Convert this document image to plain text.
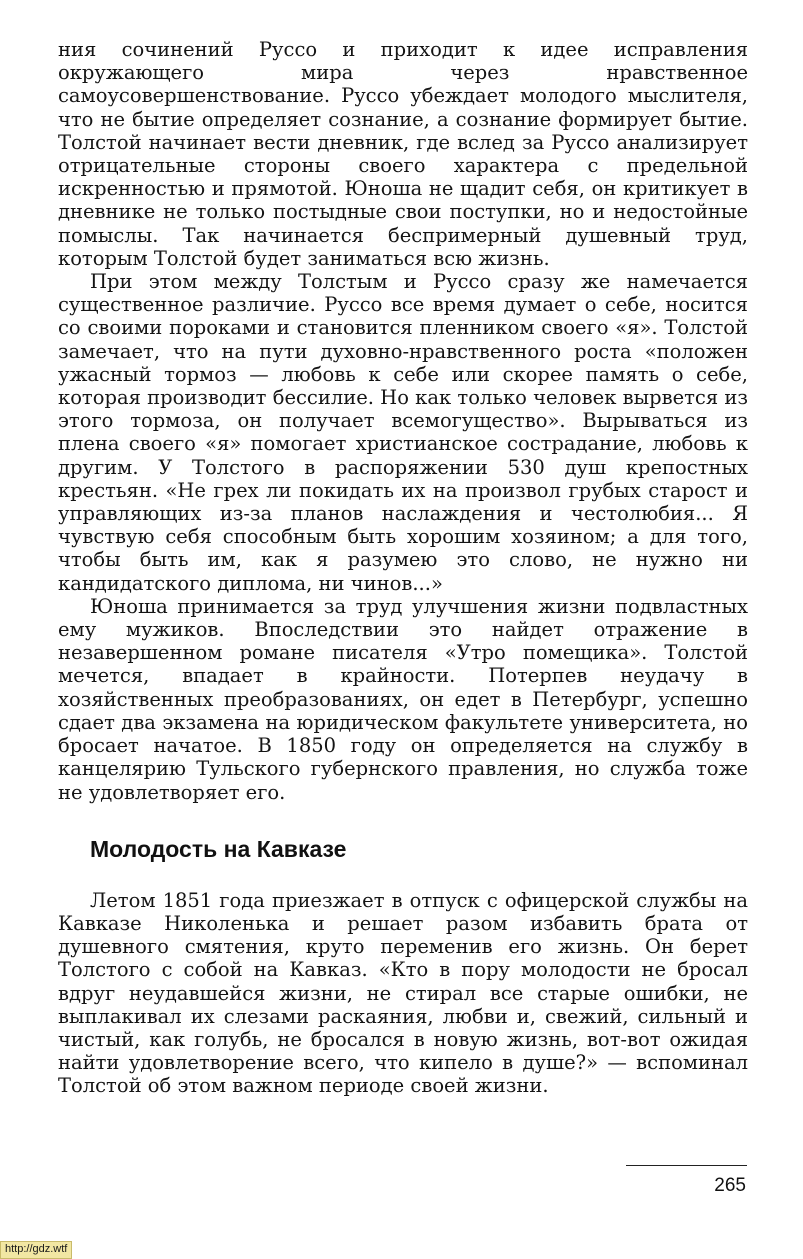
ния сочинений Руссо и приходит к идее исправления окружающего мира через нравственное самоусовершенствование. Руссо убеждает молодого мыслителя, что не бытие определяет сознание, а сознание формирует бытие. Толстой начинает вести дневник, где вслед за Руссо анализирует отрицательные стороны своего характера с предельной искренностью и прямотой. Юноша не щадит себя, он критикует в дневнике не только постыдные свои поступки, но и недостойные помыслы. Так начинается беспримерный душевный труд, которым Толстой будет заниматься всю жизнь.

При этом между Толстым и Руссо сразу же намечается существенное различие. Руссо все время думает о себе, носится со своими пороками и становится пленником своего «я». Толстой замечает, что на пути духовно-нравственного роста «положен ужасный тормоз — любовь к себе или скорее память о себе, которая производит бессилие. Но как только человек вырвется из этого тормоза, он получает всемогущество». Вырываться из плена своего «я» помогает христианское сострадание, любовь к другим. У Толстого в распоряжении 530 душ крепостных крестьян. «Не грех ли покидать их на произвол грубых старост и управляющих из-за планов наслаждения и честолюбия... Я чувствую себя способным быть хорошим хозяином; а для того, чтобы быть им, как я разумею это слово, не нужно ни кандидатского диплома, ни чинов...»

Юноша принимается за труд улучшения жизни подвластных ему мужиков. Впоследствии это найдет отражение в незавершенном романе писателя «Утро помещика». Толстой мечется, впадает в крайности. Потерпев неудачу в хозяйственных преобразованиях, он едет в Петербург, успешно сдает два экзамена на юридическом факультете университета, но бросает начатое. В 1850 году он определяется на службу в канцелярию Тульского губернского правления, но служба тоже не удовлетворяет его.

Молодость на Кавказе

Летом 1851 года приезжает в отпуск с офицерской службы на Кавказе Николенька и решает разом избавить брата от душевного смятения, круто переменив его жизнь. Он берет Толстого с собой на Кавказ. «Кто в пору молодости не бросал вдруг неудавшейся жизни, не стирал все старые ошибки, не выплакивал их слезами раскаяния, любви и, свежий, сильный и чистый, как голубь, не бросался в новую жизнь, вот-вот ожидая найти удовлетворение всего, что кипело в душе?» — вспоминал Толстой об этом важном периоде своей жизни.

265
http://gdz.wtf
